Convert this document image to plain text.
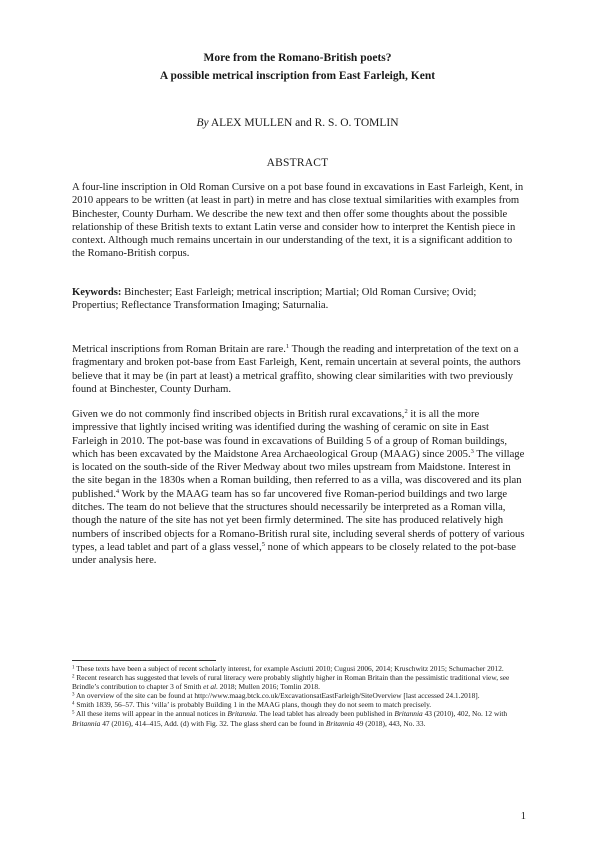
More from the Romano-British poets?
A possible metrical inscription from East Farleigh, Kent
By ALEX MULLEN and R. S. O. TOMLIN
ABSTRACT

A four-line inscription in Old Roman Cursive on a pot base found in excavations in East Farleigh, Kent, in 2010 appears to be written (at least in part) in metre and has close textual similarities with examples from Binchester, County Durham. We describe the new text and then offer some thoughts about the possible relationship of these British texts to extant Latin verse and consider how to interpret the Kentish piece in context. Although much remains uncertain in our understanding of the text, it is a significant addition to the Romano-British corpus.

Keywords: Binchester; East Farleigh; metrical inscription; Martial; Old Roman Cursive; Ovid; Propertius; Reflectance Transformation Imaging; Saturnalia.

Metrical inscriptions from Roman Britain are rare.$^1$ Though the reading and interpretation of the text on a fragmentary and broken pot-base from East Farleigh, Kent, remain uncertain at several points, the authors believe that it may be (in part at least) a metrical graffito, showing clear similarities with two previously found at Binchester, County Durham.

Given we do not commonly find inscribed objects in British rural excavations,$^2$ it is all the more impressive that lightly incised writing was identified during the washing of ceramic on site in East Farleigh in 2010. The pot-base was found in excavations of Building 5 of a group of Roman buildings, which has been excavated by the Maidstone Area Archaeological Group (MAAG) since 2005.$^3$ The village is located on the south-side of the River Medway about two miles upstream from Maidstone. Interest in the site began in the 1830s when a Roman building, then referred to as a villa, was discovered and its plan published.$^4$ Work by the MAAG team has so far uncovered five Roman-period buildings and two large ditches. The team do not believe that the structures should necessarily be interpreted as a Roman villa, though the nature of the site has not yet been firmly determined. The site has produced relatively high numbers of inscribed objects for a Romano-British rural site, including several sherds of pottery of various types, a lead tablet and part of a glass vessel,$^5$ none of which appears to be closely related to the pot-base under analysis here.

$^1$ These texts have been a subject of recent scholarly interest, for example Asciutti 2010; Cugusi 2006, 2014; Kruschwitz 2015; Schumacher 2012.
$^2$ Recent research has suggested that levels of rural literacy were probably slightly higher in Roman Britain than the pessimistic traditional view, see Brindle’s contribution to chapter 3 of Smith et al. 2018; Mullen 2016; Tomlin 2018.
$^3$ An overview of the site can be found at http://www.maag.btck.co.uk/ExcavationsatEastFarleigh/SiteOverview [last accessed 24.1.2018].
$^4$ Smith 1839, 56–57. This ‘villa’ is probably Building 1 in the MAAG plans, though they do not seem to match precisely.
$^5$ All these items will appear in the annual notices in Britannia. The lead tablet has already been published in Britannia 43 (2010), 402, No. 12 with Britannia 47 (2016), 414–415, Add. (d) with Fig. 32. The glass sherd can be found in Britannia 49 (2018), 443, No. 33.
1
